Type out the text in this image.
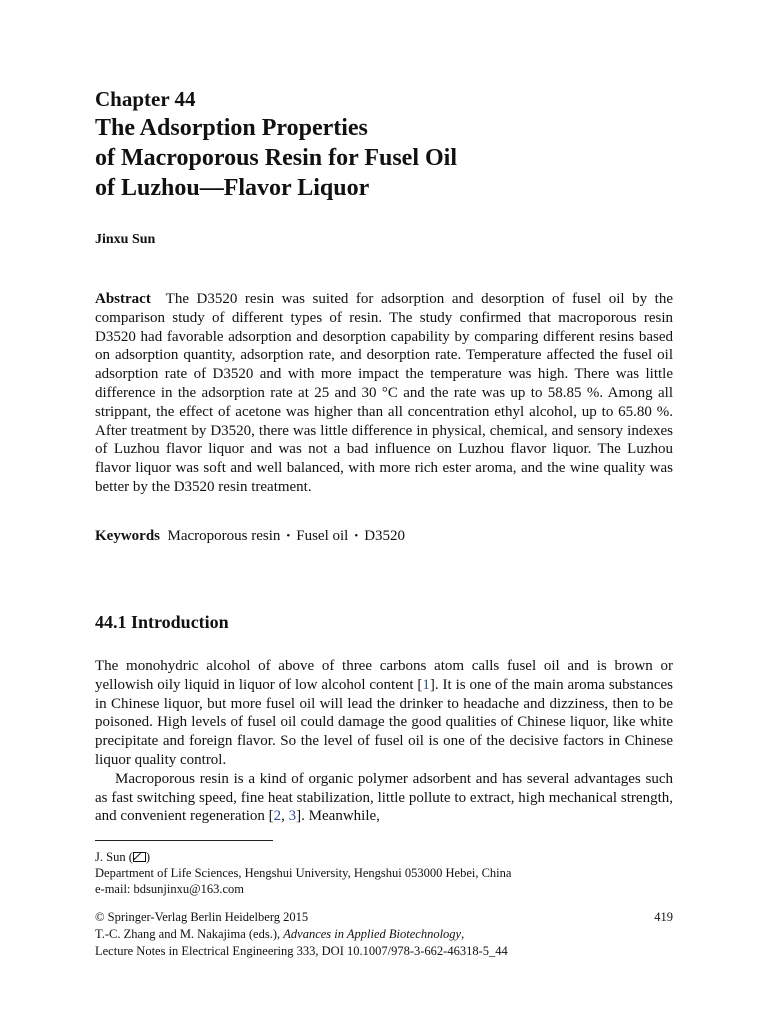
Chapter 44
The Adsorption Properties
of Macroporous Resin for Fusel Oil
of Luzhou—Flavor Liquor
Jinxu Sun
Abstract The D3520 resin was suited for adsorption and desorption of fusel oil by the comparison study of different types of resin. The study confirmed that macroporous resin D3520 had favorable adsorption and desorption capability by comparing different resins based on adsorption quantity, adsorption rate, and desorption rate. Temperature affected the fusel oil adsorption rate of D3520 and with more impact the temperature was high. There was little difference in the adsorption rate at 25 and 30 °C and the rate was up to 58.85 %. Among all strippant, the effect of acetone was higher than all concentration ethyl alcohol, up to 65.80 %. After treatment by D3520, there was little difference in physical, chemical, and sensory indexes of Luzhou flavor liquor and was not a bad influence on Luzhou flavor liquor. The Luzhou flavor liquor was soft and well balanced, with more rich ester aroma, and the wine quality was better by the D3520 resin treatment.
Keywords Macroporous resin • Fusel oil • D3520
44.1 Introduction

The monohydric alcohol of above of three carbons atom calls fusel oil and is brown or yellowish oily liquid in liquor of low alcohol content [1]. It is one of the main aroma substances in Chinese liquor, but more fusel oil will lead the drinker to headache and dizziness, then to be poisoned. High levels of fusel oil could damage the good qualities of Chinese liquor, like white precipitate and foreign flavor. So the level of fusel oil is one of the decisive factors in Chinese liquor quality control.

Macroporous resin is a kind of organic polymer adsorbent and has several advantages such as fast switching speed, fine heat stabilization, little pollute to extract, high mechanical strength, and convenient regeneration [2, 3]. Meanwhile,

J. Sun ( )
Department of Life Sciences, Hengshui University, Hengshui 053000 Hebei, China
e-mail: bdsunjinxu@163.com
© Springer-Verlag Berlin Heidelberg 2015	419
T.-C. Zhang and M. Nakajima (eds.), Advances in Applied Biotechnology,
Lecture Notes in Electrical Engineering 333, DOI 10.1007/978-3-662-46318-5_44
